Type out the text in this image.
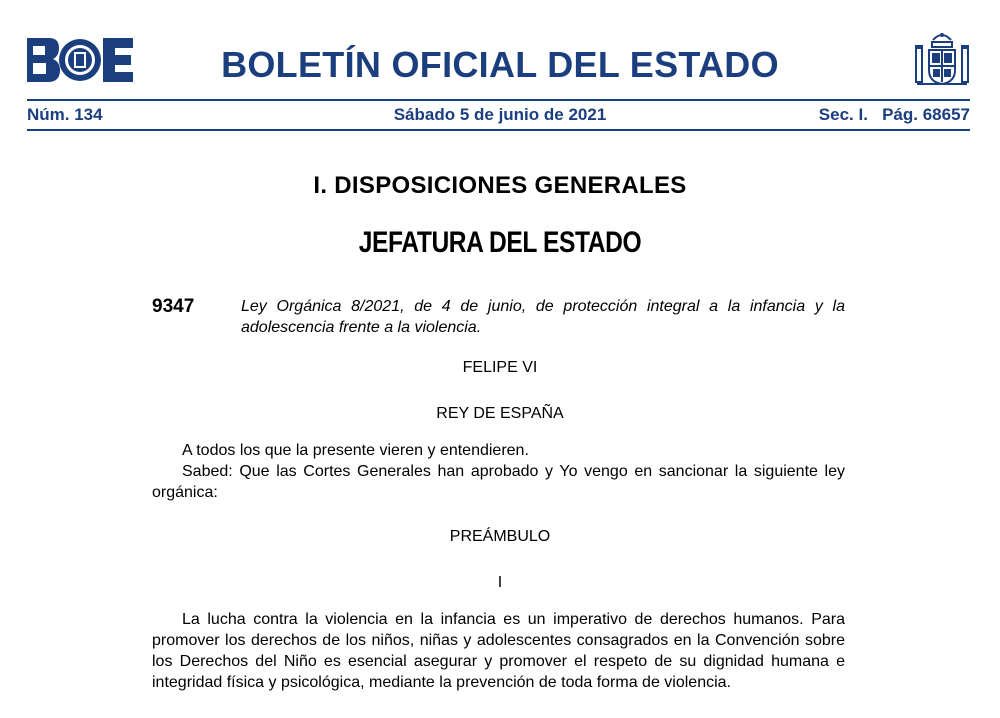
BOLETÍN OFICIAL DEL ESTADO
Núm. 134	Sábado 5 de junio de 2021	Sec. I.   Pág. 68657
I. DISPOSICIONES GENERALES
JEFATURA DEL ESTADO
9347	Ley Orgánica 8/2021, de 4 de junio, de protección integral a la infancia y la adolescencia frente a la violencia.
FELIPE VI
REY DE ESPAÑA
A todos los que la presente vieren y entendieren.
Sabed: Que las Cortes Generales han aprobado y Yo vengo en sancionar la siguiente ley orgánica:
PREÁMBULO
I
La lucha contra la violencia en la infancia es un imperativo de derechos humanos. Para promover los derechos de los niños, niñas y adolescentes consagrados en la Convención sobre los Derechos del Niño es esencial asegurar y promover el respeto de su dignidad humana e integridad física y psicológica, mediante la prevención de toda forma de violencia.
